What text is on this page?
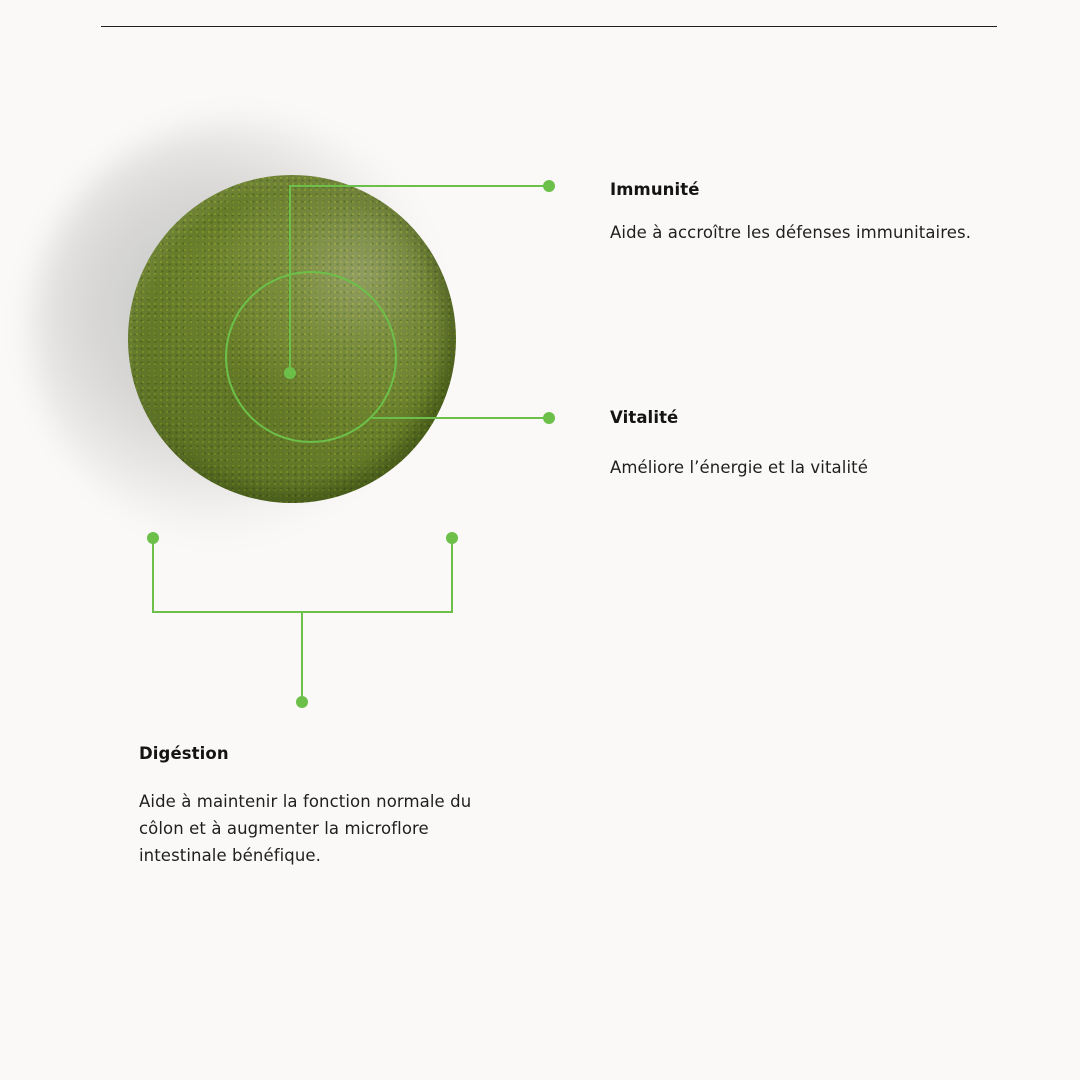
Immunité

Aide à accroître les défenses immunitaires.

Vitalité

Améliore l’énergie et la vitalité

Digéstion

Aide à maintenir la fonction normale du côlon et à augmenter la microflore intestinale bénéfique.
